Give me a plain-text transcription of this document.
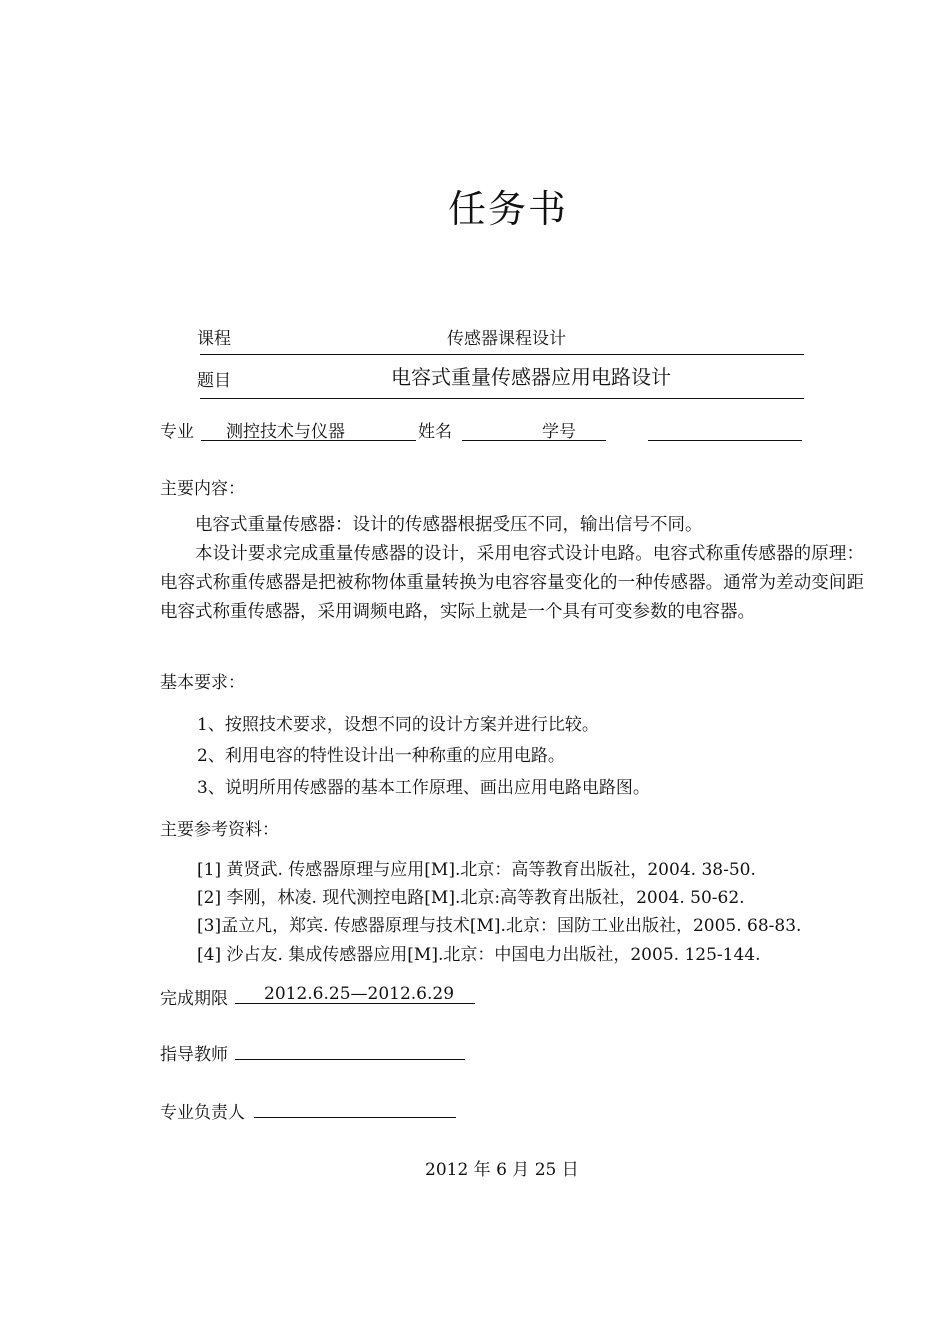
任务书
课程	传感器课程设计
题目	电容式重量传感器应用电路设计
专业 测控技术与仪器	姓名	学号
主要内容：
电容式重量传感器：设计的传感器根据受压不同，输出信号不同。
本设计要求完成重量传感器的设计，采用电容式设计电路。电容式称重传感器的原理：电容式称重传感器是把被称物体重量转换为电容容量变化的一种传感器。通常为差动变间距电容式称重传感器，采用调频电路，实际上就是一个具有可变参数的电容器。
基本要求：
1、按照技术要求，设想不同的设计方案并进行比较。
2、利用电容的特性设计出一种称重的应用电路。
3、说明所用传感器的基本工作原理、画出应用电路电路图。
主要参考资料：
[1] 黄贤武. 传感器原理与应用[M].北京：高等教育出版社，2004. 38-50.
[2] 李刚，林凌. 现代测控电路[M].北京:高等教育出版社，2004. 50-62.
[3]孟立凡，郑宾. 传感器原理与技术[M].北京：国防工业出版社，2005. 68-83.
[4] 沙占友. 集成传感器应用[M].北京：中国电力出版社，2005. 125-144.
完成期限 2012.6.25—2012.6.29
指导教师
专业负责人
2012 年 6 月 25 日
